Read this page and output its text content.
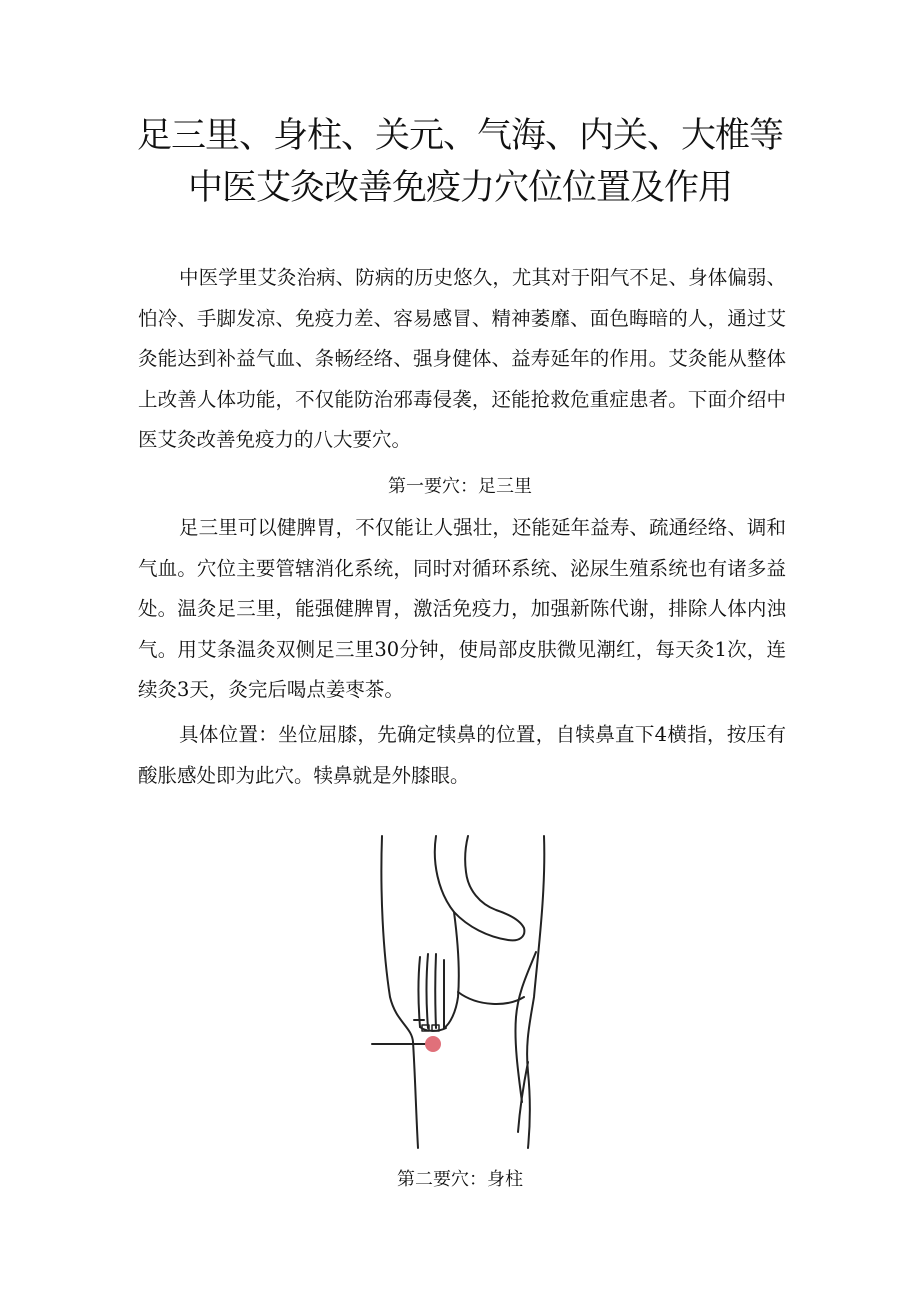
足三里、身柱、关元、气海、内关、大椎等
中医艾灸改善免疫力穴位位置及作用

中医学里艾灸治病、防病的历史悠久，尤其对于阳气不足、身体偏弱、怕冷、手脚发凉、免疫力差、容易感冒、精神萎靡、面色晦暗的人，通过艾灸能达到补益气血、条畅经络、强身健体、益寿延年的作用。艾灸能从整体上改善人体功能，不仅能防治邪毒侵袭，还能抢救危重症患者。下面介绍中医艾灸改善免疫力的八大要穴。

第一要穴：足三里

足三里可以健脾胃，不仅能让人强壮，还能延年益寿、疏通经络、调和气血。穴位主要管辖消化系统，同时对循环系统、泌尿生殖系统也有诸多益处。温灸足三里，能强健脾胃，激活免疫力，加强新陈代谢，排除人体内浊气。用艾条温灸双侧足三里30分钟，使局部皮肤微见潮红，每天灸1次，连续灸3天，灸完后喝点姜枣茶。

具体位置：坐位屈膝，先确定犊鼻的位置，自犊鼻直下4横指，按压有酸胀感处即为此穴。犊鼻就是外膝眼。

第二要穴：身柱
